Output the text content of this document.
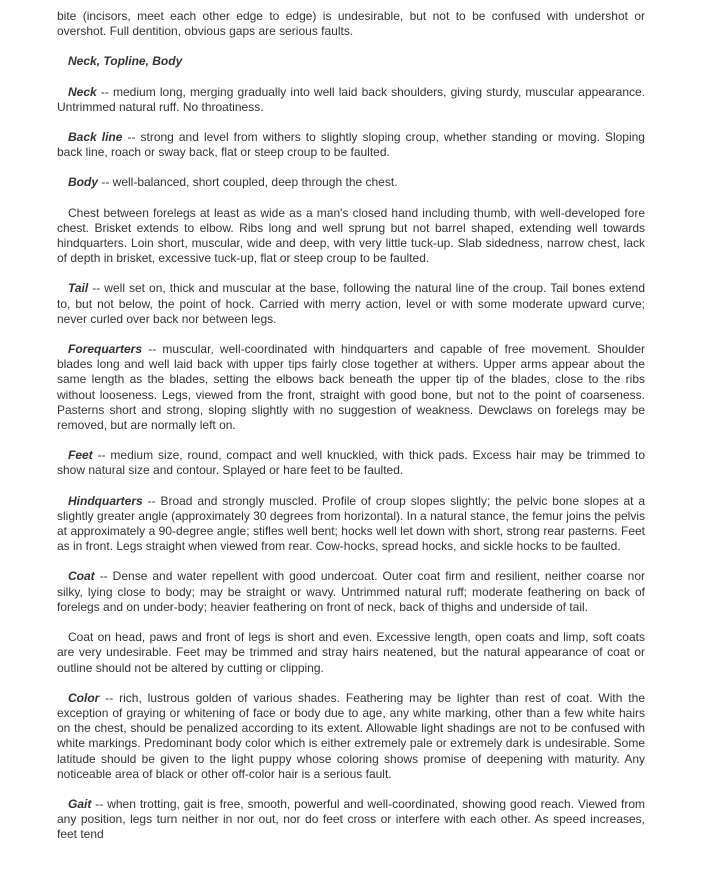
bite (incisors, meet each other edge to edge) is undesirable, but not to be confused with undershot or overshot. Full dentition, obvious gaps are serious faults.

Neck, Topline, Body

Neck -- medium long, merging gradually into well laid back shoulders, giving sturdy, muscular appearance. Untrimmed natural ruff. No throatiness.

Back line -- strong and level from withers to slightly sloping croup, whether standing or moving. Sloping back line, roach or sway back, flat or steep croup to be faulted.

Body -- well-balanced, short coupled, deep through the chest.

Chest between forelegs at least as wide as a man's closed hand including thumb, with well-developed fore chest. Brisket extends to elbow. Ribs long and well sprung but not barrel shaped, extending well towards hindquarters. Loin short, muscular, wide and deep, with very little tuck-up. Slab sidedness, narrow chest, lack of depth in brisket, excessive tuck-up, flat or steep croup to be faulted.

Tail -- well set on, thick and muscular at the base, following the natural line of the croup. Tail bones extend to, but not below, the point of hock. Carried with merry action, level or with some moderate upward curve; never curled over back nor between legs.

Forequarters -- muscular, well-coordinated with hindquarters and capable of free movement. Shoulder blades long and well laid back with upper tips fairly close together at withers. Upper arms appear about the same length as the blades, setting the elbows back beneath the upper tip of the blades, close to the ribs without looseness. Legs, viewed from the front, straight with good bone, but not to the point of coarseness. Pasterns short and strong, sloping slightly with no suggestion of weakness. Dewclaws on forelegs may be removed, but are normally left on.

Feet -- medium size, round, compact and well knuckled, with thick pads. Excess hair may be trimmed to show natural size and contour. Splayed or hare feet to be faulted.

Hindquarters -- Broad and strongly muscled. Profile of croup slopes slightly; the pelvic bone slopes at a slightly greater angle (approximately 30 degrees from horizontal). In a natural stance, the femur joins the pelvis at approximately a 90-degree angle; stifles well bent; hocks well let down with short, strong rear pasterns. Feet as in front. Legs straight when viewed from rear. Cow-hocks, spread hocks, and sickle hocks to be faulted.

Coat -- Dense and water repellent with good undercoat. Outer coat firm and resilient, neither coarse nor silky, lying close to body; may be straight or wavy. Untrimmed natural ruff; moderate feathering on back of forelegs and on under-body; heavier feathering on front of neck, back of thighs and underside of tail.

Coat on head, paws and front of legs is short and even. Excessive length, open coats and limp, soft coats are very undesirable. Feet may be trimmed and stray hairs neatened, but the natural appearance of coat or outline should not be altered by cutting or clipping.

Color -- rich, lustrous golden of various shades. Feathering may be lighter than rest of coat. With the exception of graying or whitening of face or body due to age, any white marking, other than a few white hairs on the chest, should be penalized according to its extent. Allowable light shadings are not to be confused with white markings. Predominant body color which is either extremely pale or extremely dark is undesirable. Some latitude should be given to the light puppy whose coloring shows promise of deepening with maturity. Any noticeable area of black or other off-color hair is a serious fault.

Gait -- when trotting, gait is free, smooth, powerful and well-coordinated, showing good reach. Viewed from any position, legs turn neither in nor out, nor do feet cross or interfere with each other. As speed increases, feet tend
